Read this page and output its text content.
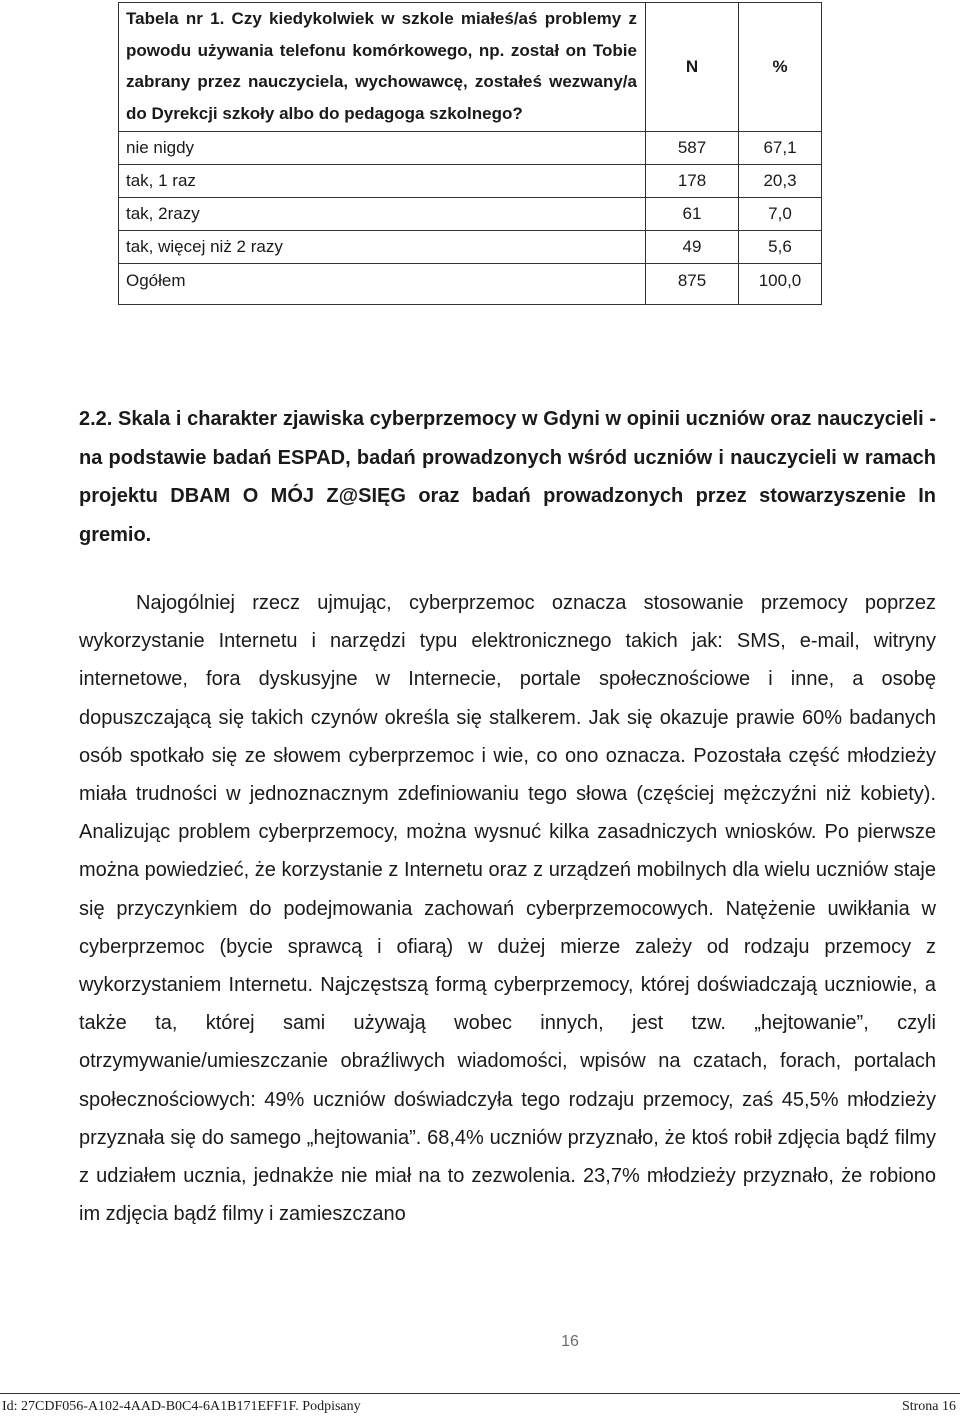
Tabela nr 1. Czy kiedykolwiek w szkole miałeś/aś problemy z powodu używania telefonu komórkowego, np. został on Tobie zabrany przez nauczyciela, wychowawcę, zostałeś wezwany/a do Dyrekcji szkoły albo do pedagoga szkolnego?	N	%
nie nigdy	587	67,1
tak, 1 raz	178	20,3
tak, 2razy	61	7,0
tak, więcej niż 2 razy	49	5,6
Ogółem	875	100,0
2.2. Skala i charakter zjawiska cyberprzemocy w Gdyni w opinii uczniów oraz nauczycieli - na podstawie badań ESPAD, badań prowadzonych wśród uczniów i nauczycieli w ramach projektu DBAM O MÓJ Z@SIĘG oraz badań prowadzonych przez stowarzyszenie In gremio.

Najogólniej rzecz ujmując, cyberprzemoc oznacza stosowanie przemocy poprzez wykorzystanie Internetu i narzędzi typu elektronicznego takich jak: SMS, e-mail, witryny internetowe, fora dyskusyjne w Internecie, portale społecznościowe i inne, a osobę dopuszczającą się takich czynów określa się stalkerem. Jak się okazuje prawie 60% badanych osób spotkało się ze słowem cyberprzemoc i wie, co ono oznacza. Pozostała część młodzieży miała trudności w jednoznacznym zdefiniowaniu tego słowa (częściej mężczyźni niż kobiety). Analizując problem cyberprzemocy, można wysnuć kilka zasadniczych wniosków. Po pierwsze można powiedzieć, że korzystanie z Internetu oraz z urządzeń mobilnych dla wielu uczniów staje się przyczynkiem do podejmowania zachowań cyberprzemocowych. Natężenie uwikłania w cyberprzemoc (bycie sprawcą i ofiarą) w dużej mierze zależy od rodzaju przemocy z wykorzystaniem Internetu. Najczęstszą formą cyberprzemocy, której doświadczają uczniowie, a także ta, której sami używają wobec innych, jest tzw. „hejtowanie”, czyli otrzymywanie/umieszczanie obraźliwych wiadomości, wpisów na czatach, forach, portalach społecznościowych: 49% uczniów doświadczyła tego rodzaju przemocy, zaś 45,5% młodzieży przyznała się do samego „hejtowania”. 68,4% uczniów przyznało, że ktoś robił zdjęcia bądź filmy z udziałem ucznia, jednakże nie miał na to zezwolenia. 23,7% młodzieży przyznało, że robiono im zdjęcia bądź filmy i zamieszczano

16
Id: 27CDF056-A102-4AAD-B0C4-6A1B171EFF1F. Podpisany	Strona 16
